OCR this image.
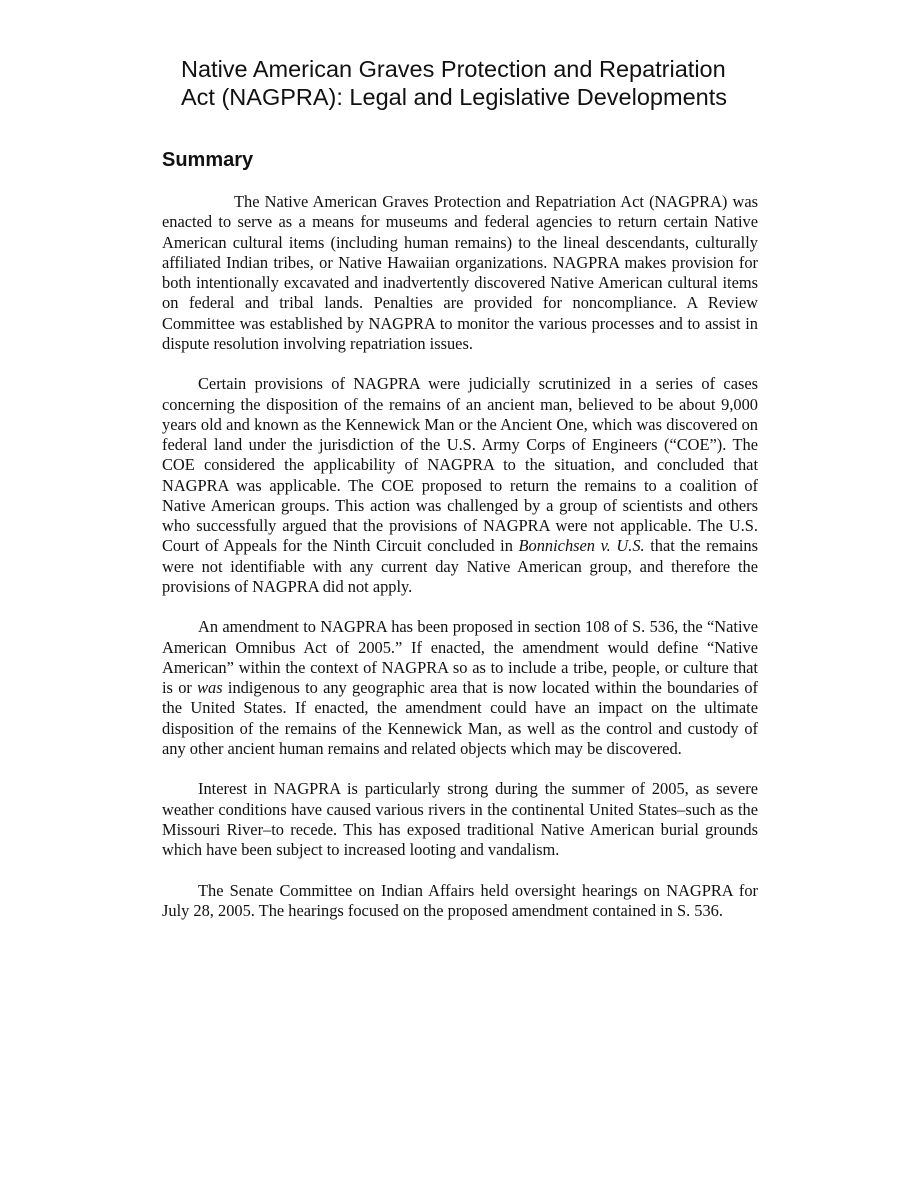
Native American Graves Protection and Repatriation
Act (NAGPRA): Legal and Legislative Developments
Summary

The Native American Graves Protection and Repatriation Act (NAGPRA) was enacted to serve as a means for museums and federal agencies to return certain Native American cultural items (including human remains) to the lineal descendants, culturally affiliated Indian tribes, or Native Hawaiian organizations. NAGPRA makes provision for both intentionally excavated and inadvertently discovered Native American cultural items on federal and tribal lands. Penalties are provided for noncompliance. A Review Committee was established by NAGPRA to monitor the various processes and to assist in dispute resolution involving repatriation issues.

Certain provisions of NAGPRA were judicially scrutinized in a series of cases concerning the disposition of the remains of an ancient man, believed to be about 9,000 years old and known as the Kennewick Man or the Ancient One, which was discovered on federal land under the jurisdiction of the U.S. Army Corps of Engineers (“COE”). The COE considered the applicability of NAGPRA to the situation, and concluded that NAGPRA was applicable. The COE proposed to return the remains to a coalition of Native American groups. This action was challenged by a group of scientists and others who successfully argued that the provisions of NAGPRA were not applicable. The U.S. Court of Appeals for the Ninth Circuit concluded in Bonnichsen v. U.S. that the remains were not identifiable with any current day Native American group, and therefore the provisions of NAGPRA did not apply.

An amendment to NAGPRA has been proposed in section 108 of S. 536, the “Native American Omnibus Act of 2005.” If enacted, the amendment would define “Native American” within the context of NAGPRA so as to include a tribe, people, or culture that is or was indigenous to any geographic area that is now located within the boundaries of the United States. If enacted, the amendment could have an impact on the ultimate disposition of the remains of the Kennewick Man, as well as the control and custody of any other ancient human remains and related objects which may be discovered.

Interest in NAGPRA is particularly strong during the summer of 2005, as severe weather conditions have caused various rivers in the continental United States–such as the Missouri River–to recede. This has exposed traditional Native American burial grounds which have been subject to increased looting and vandalism.

The Senate Committee on Indian Affairs held oversight hearings on NAGPRA for July 28, 2005. The hearings focused on the proposed amendment contained in S. 536.
